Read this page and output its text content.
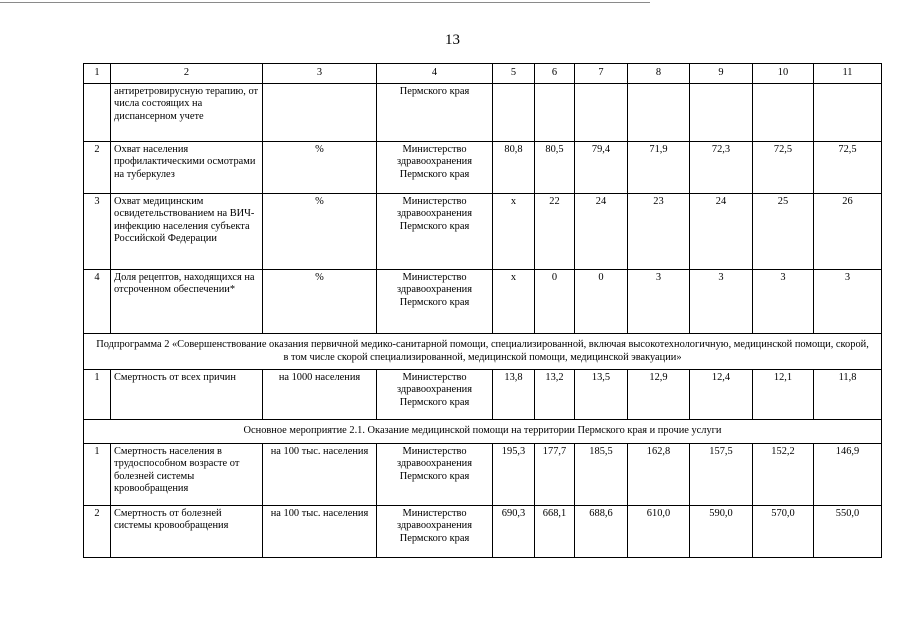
13
1	2	3	4	5	6	7	8	9	10	11
	антиретровирусную терапию, от числа состоящих на диспансерном учете		Пермского края							
2	Охват населения профилактическими осмотрами на туберкулез	%	Министерство здравоохранения Пермского края	80,8	80,5	79,4	71,9	72,3	72,5	72,5
3	Охват медицинским освидетельствованием на ВИЧ-инфекцию населения субъекта Российской Федерации	%	Министерство здравоохранения Пермского края	х	22	24	23	24	25	26
4	Доля рецептов, находящихся на отсроченном обеспечении*	%	Министерство здравоохранения Пермского края	х	0	0	3	3	3	3
Подпрограмма 2 «Совершенствование оказания первичной медико-санитарной помощи, специализированной, включая высокотехнологичную, медицинской помощи, скорой, в том числе скорой специализированной, медицинской помощи, медицинской эвакуации»										
1	Смертность от всех причин	на 1000 населения	Министерство здравоохранения Пермского края	13,8	13,2	13,5	12,9	12,4	12,1	11,8
Основное мероприятие 2.1. Оказание медицинской помощи на территории Пермского края и прочие услуги										
1	Смертность населения в трудоспособном возрасте от болезней системы кровообращения	на 100 тыс. населения	Министерство здравоохранения Пермского края	195,3	177,7	185,5	162,8	157,5	152,2	146,9
2	Смертность от болезней системы кровообращения	на 100 тыс. населения	Министерство здравоохранения Пермского края	690,3	668,1	688,6	610,0	590,0	570,0	550,0
